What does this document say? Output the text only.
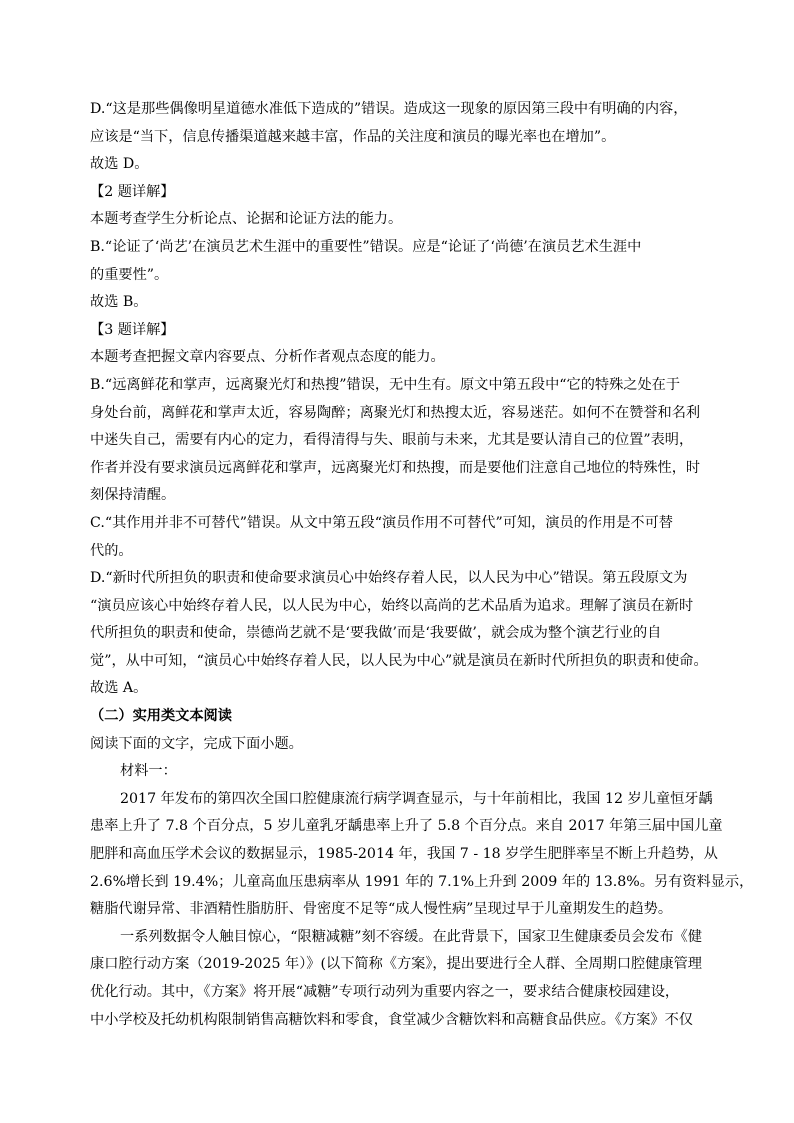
D.“这是那些偶像明星道德水准低下造成的”错误。造成这一现象的原因第三段中有明确的内容，

应该是“当下，信息传播渠道越来越丰富，作品的关注度和演员的曝光率也在增加”。

故选 D。

【2 题详解】

本题考查学生分析论点、论据和论证方法的能力。

B.“论证了‘尚艺’在演员艺术生涯中的重要性”错误。应是“论证了‘尚德’在演员艺术生涯中

的重要性”。

故选 B。

【3 题详解】

本题考查把握文章内容要点、分析作者观点态度的能力。

B.“远离鲜花和掌声，远离聚光灯和热搜”错误，无中生有。原文中第五段中“它的特殊之处在于

身处台前，离鲜花和掌声太近，容易陶醉；离聚光灯和热搜太近，容易迷茫。如何不在赞誉和名利

中迷失自己，需要有内心的定力，看得清得与失、眼前与未来，尤其是要认清自己的位置”表明，

作者并没有要求演员远离鲜花和掌声，远离聚光灯和热搜，而是要他们注意自己地位的特殊性，时

刻保持清醒。

C.“其作用并非不可替代”错误。从文中第五段“演员作用不可替代”可知，演员的作用是不可替

代的。

D.“新时代所担负的职责和使命要求演员心中始终存着人民，以人民为中心”错误。第五段原文为

“演员应该心中始终存着人民，以人民为中心，始终以高尚的艺术品盾为追求。理解了演员在新时

代所担负的职责和使命，崇德尚艺就不是‘要我做’而是‘我要做’，就会成为整个演艺行业的自

觉”，从中可知，“演员心中始终存着人民，以人民为中心”就是演员在新时代所担负的职责和使命。

故选 A。

（二）实用类文本阅读

阅读下面的文字，完成下面小题。

材料一：

2017 年发布的第四次全国口腔健康流行病学调查显示，与十年前相比，我国 12 岁儿童恒牙龋

患率上升了 7.8 个百分点，5 岁儿童乳牙龋患率上升了 5.8 个百分点。来自 2017 年第三届中国儿童

肥胖和高血压学术会议的数据显示，1985-2014 年，我国 7 - 18 岁学生肥胖率呈不断上升趋势，从

2.6%增长到 19.4%；儿童高血压患病率从 1991 年的 7.1%上升到 2009 年的 13.8%。另有资料显示，

糖脂代谢异常、非酒精性脂肪肝、骨密度不足等“成人慢性病”呈现过早于儿童期发生的趋势。

一系列数据令人触目惊心，“限糖减糖”刻不容缓。在此背景下，国家卫生健康委员会发布《健

康口腔行动方案（2019-2025 年）》(以下简称《方案》，提出要进行全人群、全周期口腔健康管理

优化行动。其中，《方案》将开展“减糖”专项行动列为重要内容之一，要求结合健康校园建设，

中小学校及托幼机构限制销售高糖饮料和零食，食堂减少含糖饮料和高糖食品供应。《方案》不仅
